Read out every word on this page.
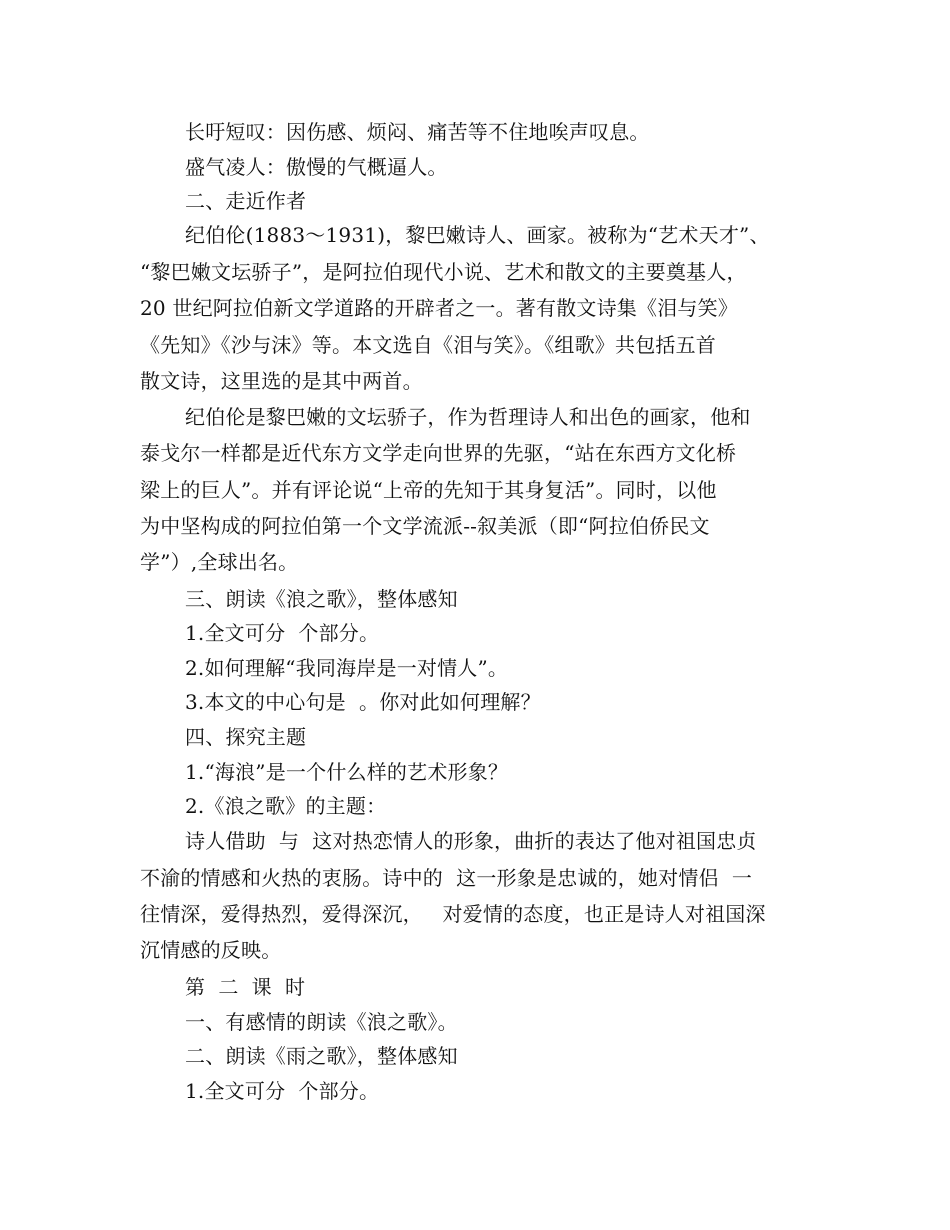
长吁短叹：因伤感、烦闷、痛苦等不住地唉声叹息。
盛气凌人：傲慢的气概逼人。
二、走近作者
纪伯伦(1883～1931)，黎巴嫩诗人、画家。被称为“艺术天才”、
“黎巴嫩文坛骄子”，是阿拉伯现代小说、艺术和散文的主要奠基人，
20 世纪阿拉伯新文学道路的开辟者之一。著有散文诗集《泪与笑》
《先知》《沙与沫》等。本文选自《泪与笑》。《组歌》共包括五首
散文诗，这里选的是其中两首。
纪伯伦是黎巴嫩的文坛骄子，作为哲理诗人和出色的画家，他和
泰戈尔一样都是近代东方文学走向世界的先驱，“站在东西方文化桥
梁上的巨人”。并有评论说“上帝的先知于其身复活”。同时，以他
为中坚构成的阿拉伯第一个文学流派--叙美派（即“阿拉伯侨民文
学”）,全球出名。
三、朗读《浪之歌》，整体感知
1.全文可分  个部分。
2.如何理解“我同海岸是一对情人”。
3.本文的中心句是  。你对此如何理解？
四、探究主题
1.“海浪”是一个什么样的艺术形象？
2.《浪之歌》的主题：
诗人借助  与  这对热恋情人的形象，曲折的表达了他对祖国忠贞
不渝的情感和火热的衷肠。诗中的  这一形象是忠诚的，她对情侣  一
往情深，爱得热烈，爱得深沉，   对爱情的态度，也正是诗人对祖国深
沉情感的反映。
第  二  课  时
一、有感情的朗读《浪之歌》。
二、朗读《雨之歌》，整体感知
1.全文可分  个部分。
